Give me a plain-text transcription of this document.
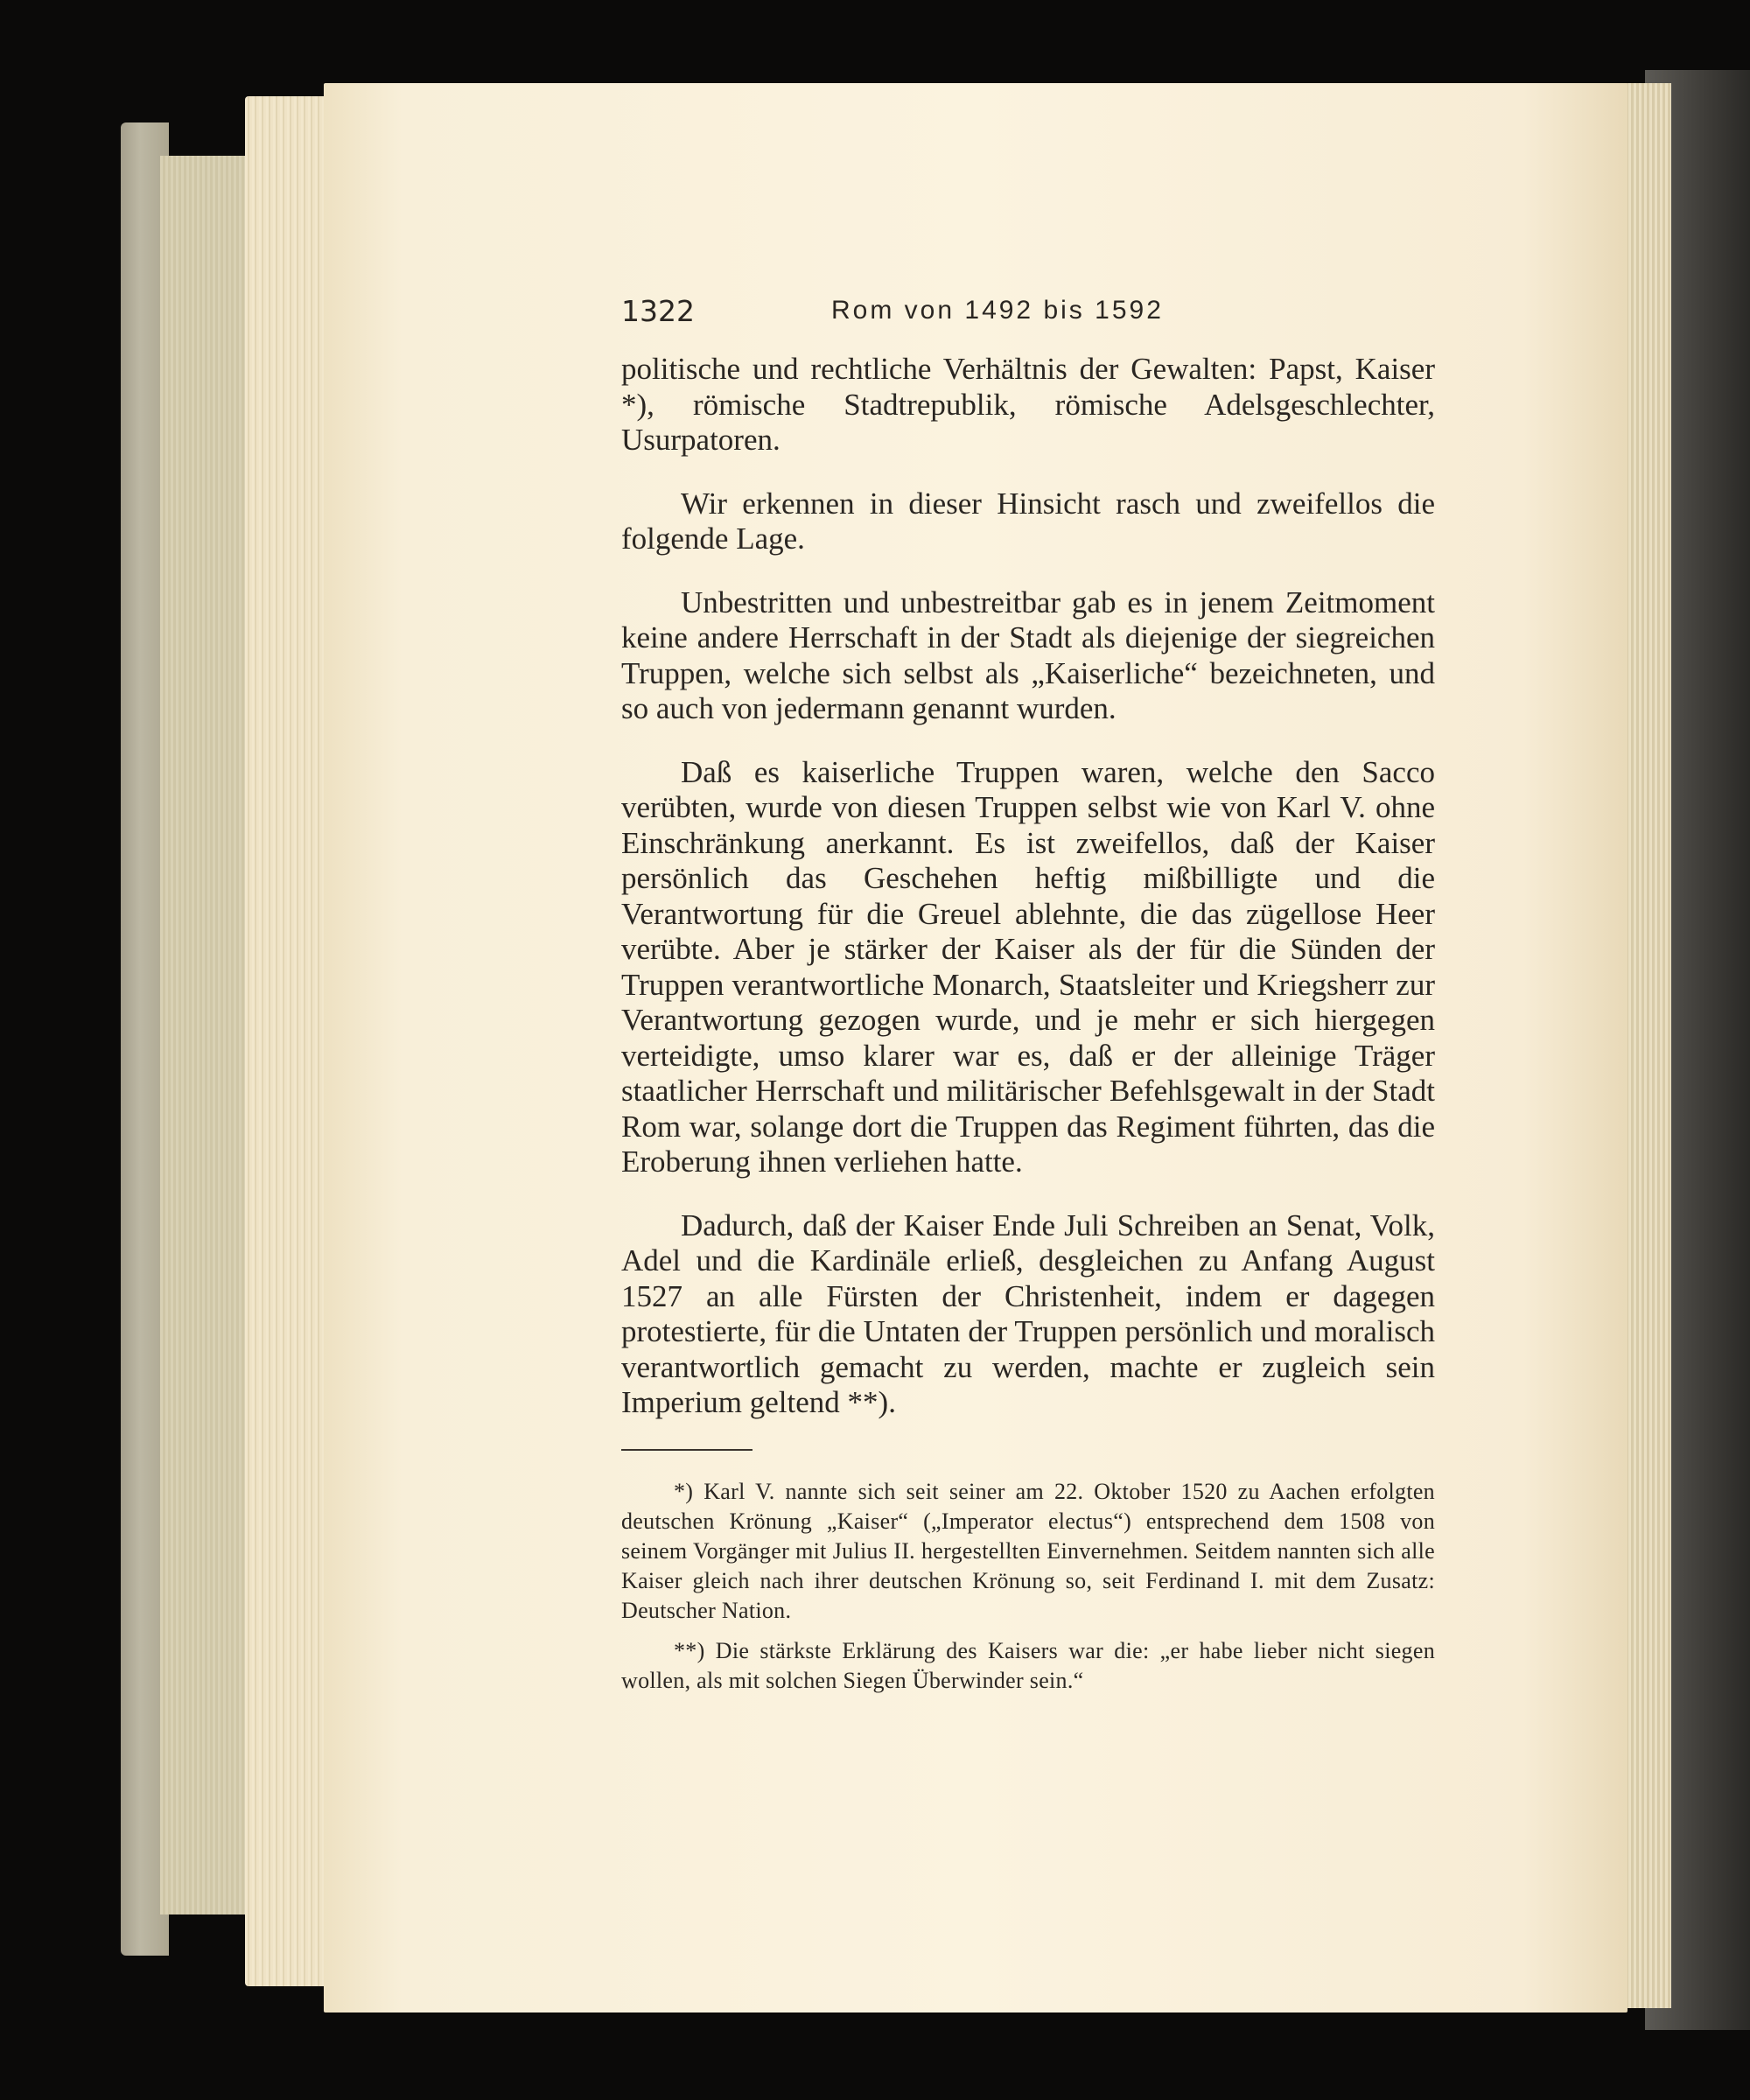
1322	Rom von 1492 bis 1592

politische und rechtliche Verhältnis der Gewalten: Papst, Kaiser *), römische Stadtrepublik, römische Adelsgeschlechter, Usurpatoren.

Wir erkennen in dieser Hinsicht rasch und zweifellos die folgende Lage.

Unbestritten und unbestreitbar gab es in jenem Zeitmoment keine andere Herrschaft in der Stadt als diejenige der siegreichen Truppen, welche sich selbst als „Kaiserliche“ bezeichneten, und so auch von jedermann genannt wurden.

Daß es kaiserliche Truppen waren, welche den Sacco verübten, wurde von diesen Truppen selbst wie von Karl V. ohne Einschränkung anerkannt. Es ist zweifellos, daß der Kaiser persönlich das Geschehen heftig mißbilligte und die Verantwortung für die Greuel ablehnte, die das zügellose Heer verübte. Aber je stärker der Kaiser als der für die Sünden der Truppen verantwortliche Monarch, Staatsleiter und Kriegsherr zur Verantwortung gezogen wurde, und je mehr er sich hiergegen verteidigte, umso klarer war es, daß er der alleinige Träger staatlicher Herrschaft und militärischer Befehlsgewalt in der Stadt Rom war, solange dort die Truppen das Regiment führten, das die Eroberung ihnen verliehen hatte.

Dadurch, daß der Kaiser Ende Juli Schreiben an Senat, Volk, Adel und die Kardinäle erließ, desgleichen zu Anfang August 1527 an alle Fürsten der Christenheit, indem er dagegen protestierte, für die Untaten der Truppen persönlich und moralisch verantwortlich gemacht zu werden, machte er zugleich sein Imperium geltend **).

*) Karl V. nannte sich seit seiner am 22. Oktober 1520 zu Aachen erfolgten deutschen Krönung „Kaiser“ („Imperator electus“) entsprechend dem 1508 von seinem Vorgänger mit Julius II. hergestellten Einvernehmen. Seitdem nannten sich alle Kaiser gleich nach ihrer deutschen Krönung so, seit Ferdinand I. mit dem Zusatz: Deutscher Nation.

**) Die stärkste Erklärung des Kaisers war die: „er habe lieber nicht siegen wollen, als mit solchen Siegen Überwinder sein.“
